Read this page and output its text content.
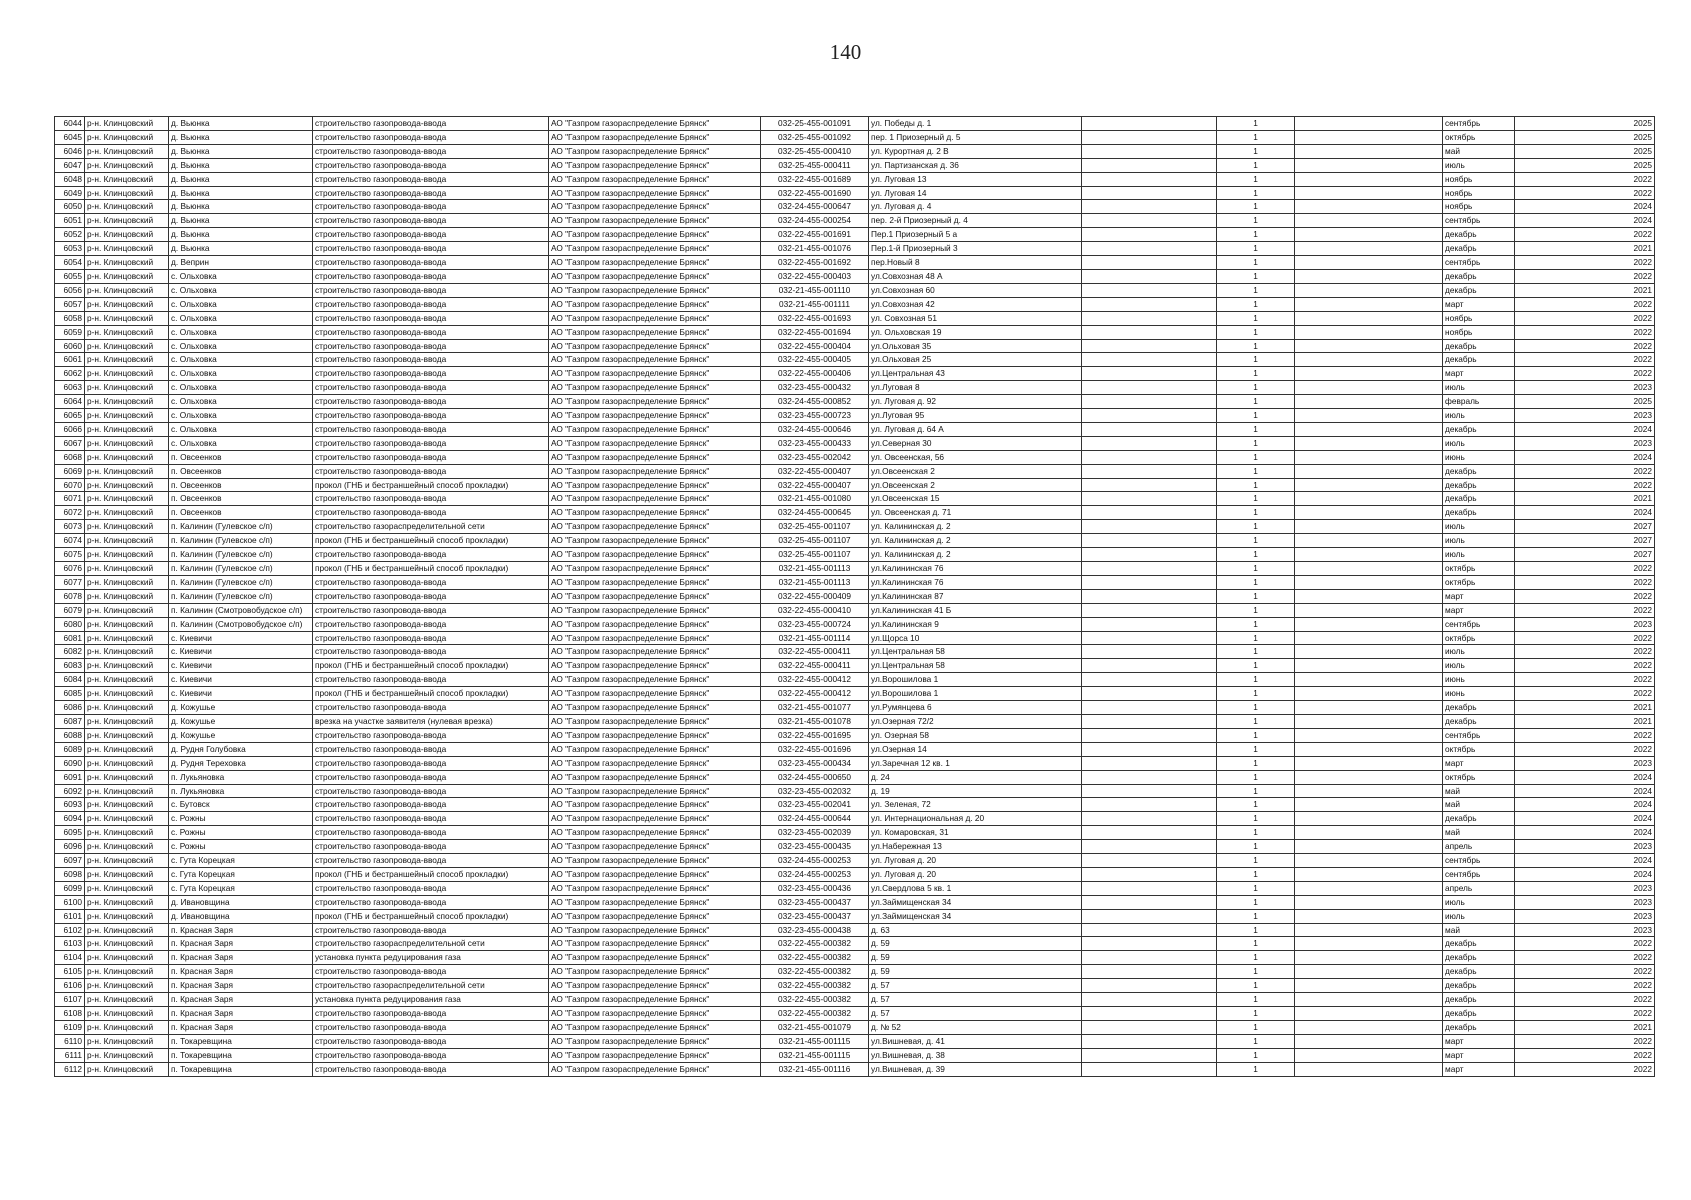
140
6044	р-н. Клинцовский	д. Вьюнка	строительство газопровода-ввода	АО "Газпром газораспределение Брянск"	032-25-455-001091	ул. Победы д. 1		1		сентябрь	2025
6045	р-н. Клинцовский	д. Вьюнка	строительство газопровода-ввода	АО "Газпром газораспределение Брянск"	032-25-455-001092	пер. 1 Приозерный д. 5		1		октябрь	2025
6046	р-н. Клинцовский	д. Вьюнка	строительство газопровода-ввода	АО "Газпром газораспределение Брянск"	032-25-455-000410	ул. Курортная д. 2 В		1		май	2025
6047	р-н. Клинцовский	д. Вьюнка	строительство газопровода-ввода	АО "Газпром газораспределение Брянск"	032-25-455-000411	ул. Партизанская д. 36		1		июль	2025
6048	р-н. Клинцовский	д. Вьюнка	строительство газопровода-ввода	АО "Газпром газораспределение Брянск"	032-22-455-001689	ул. Луговая 13		1		ноябрь	2022
6049	р-н. Клинцовский	д. Вьюнка	строительство газопровода-ввода	АО "Газпром газораспределение Брянск"	032-22-455-001690	ул. Луговая 14		1		ноябрь	2022
6050	р-н. Клинцовский	д. Вьюнка	строительство газопровода-ввода	АО "Газпром газораспределение Брянск"	032-24-455-000647	ул. Луговая д. 4		1		ноябрь	2024
6051	р-н. Клинцовский	д. Вьюнка	строительство газопровода-ввода	АО "Газпром газораспределение Брянск"	032-24-455-000254	пер. 2-й Приозерный д. 4		1		сентябрь	2024
6052	р-н. Клинцовский	д. Вьюнка	строительство газопровода-ввода	АО "Газпром газораспределение Брянск"	032-22-455-001691	Пер.1 Приозерный 5 а		1		декабрь	2022
6053	р-н. Клинцовский	д. Вьюнка	строительство газопровода-ввода	АО "Газпром газораспределение Брянск"	032-21-455-001076	Пер.1-й Приозерный 3		1		декабрь	2021
6054	р-н. Клинцовский	д. Веприн	строительство газопровода-ввода	АО "Газпром газораспределение Брянск"	032-22-455-001692	пер.Новый 8		1		сентябрь	2022
6055	р-н. Клинцовский	с. Ольховка	строительство газопровода-ввода	АО "Газпром газораспределение Брянск"	032-22-455-000403	ул.Совхозная 48 А		1		декабрь	2022
6056	р-н. Клинцовский	с. Ольховка	строительство газопровода-ввода	АО "Газпром газораспределение Брянск"	032-21-455-001110	ул.Совхозная 60		1		декабрь	2021
6057	р-н. Клинцовский	с. Ольховка	строительство газопровода-ввода	АО "Газпром газораспределение Брянск"	032-21-455-001111	ул.Совхозная 42		1		март	2022
6058	р-н. Клинцовский	с. Ольховка	строительство газопровода-ввода	АО "Газпром газораспределение Брянск"	032-22-455-001693	ул. Совхозная 51		1		ноябрь	2022
6059	р-н. Клинцовский	с. Ольховка	строительство газопровода-ввода	АО "Газпром газораспределение Брянск"	032-22-455-001694	ул. Ольховская 19		1		ноябрь	2022
6060	р-н. Клинцовский	с. Ольховка	строительство газопровода-ввода	АО "Газпром газораспределение Брянск"	032-22-455-000404	ул.Ольховая 35		1		декабрь	2022
6061	р-н. Клинцовский	с. Ольховка	строительство газопровода-ввода	АО "Газпром газораспределение Брянск"	032-22-455-000405	ул.Ольховая 25		1		декабрь	2022
6062	р-н. Клинцовский	с. Ольховка	строительство газопровода-ввода	АО "Газпром газораспределение Брянск"	032-22-455-000406	ул.Центральная 43		1		март	2022
6063	р-н. Клинцовский	с. Ольховка	строительство газопровода-ввода	АО "Газпром газораспределение Брянск"	032-23-455-000432	ул.Луговая 8		1		июль	2023
6064	р-н. Клинцовский	с. Ольховка	строительство газопровода-ввода	АО "Газпром газораспределение Брянск"	032-24-455-000852	ул. Луговая д. 92		1		февраль	2025
6065	р-н. Клинцовский	с. Ольховка	строительство газопровода-ввода	АО "Газпром газораспределение Брянск"	032-23-455-000723	ул.Луговая 95		1		июль	2023
6066	р-н. Клинцовский	с. Ольховка	строительство газопровода-ввода	АО "Газпром газораспределение Брянск"	032-24-455-000646	ул. Луговая д. 64 А		1		декабрь	2024
6067	р-н. Клинцовский	с. Ольховка	строительство газопровода-ввода	АО "Газпром газораспределение Брянск"	032-23-455-000433	ул.Северная 30		1		июль	2023
6068	р-н. Клинцовский	п. Овсеенков	строительство газопровода-ввода	АО "Газпром газораспределение Брянск"	032-23-455-002042	ул. Овсеенская, 56		1		июнь	2024
6069	р-н. Клинцовский	п. Овсеенков	строительство газопровода-ввода	АО "Газпром газораспределение Брянск"	032-22-455-000407	ул.Овсеенская 2		1		декабрь	2022
6070	р-н. Клинцовский	п. Овсеенков	прокол (ГНБ и бестраншейный способ прокладки)	АО "Газпром газораспределение Брянск"	032-22-455-000407	ул.Овсеенская 2		1		декабрь	2022
6071	р-н. Клинцовский	п. Овсеенков	строительство газопровода-ввода	АО "Газпром газораспределение Брянск"	032-21-455-001080	ул.Овсеенская 15		1		декабрь	2021
6072	р-н. Клинцовский	п. Овсеенков	строительство газопровода-ввода	АО "Газпром газораспределение Брянск"	032-24-455-000645	ул. Овсеенская д. 71		1		декабрь	2024
6073	р-н. Клинцовский	п. Калинин (Гулевское с/п)	строительство газораспределительной сети	АО "Газпром газораспределение Брянск"	032-25-455-001107	ул. Калининская д. 2		1		июль	2027
6074	р-н. Клинцовский	п. Калинин (Гулевское с/п)	прокол (ГНБ и бестраншейный способ прокладки)	АО "Газпром газораспределение Брянск"	032-25-455-001107	ул. Калининская д. 2		1		июль	2027
6075	р-н. Клинцовский	п. Калинин (Гулевское с/п)	строительство газопровода-ввода	АО "Газпром газораспределение Брянск"	032-25-455-001107	ул. Калининская д. 2		1		июль	2027
6076	р-н. Клинцовский	п. Калинин (Гулевское с/п)	прокол (ГНБ и бестраншейный способ прокладки)	АО "Газпром газораспределение Брянск"	032-21-455-001113	ул.Калининская 76		1		октябрь	2022
6077	р-н. Клинцовский	п. Калинин (Гулевское с/п)	строительство газопровода-ввода	АО "Газпром газораспределение Брянск"	032-21-455-001113	ул.Калининская 76		1		октябрь	2022
6078	р-н. Клинцовский	п. Калинин (Гулевское с/п)	строительство газопровода-ввода	АО "Газпром газораспределение Брянск"	032-22-455-000409	ул.Калининская 87		1		март	2022
6079	р-н. Клинцовский	п. Калинин (Смотровобудское с/п)	строительство газопровода-ввода	АО "Газпром газораспределение Брянск"	032-22-455-000410	ул.Калининская 41 Б		1		март	2022
6080	р-н. Клинцовский	п. Калинин (Смотровобудское с/п)	строительство газопровода-ввода	АО "Газпром газораспределение Брянск"	032-23-455-000724	ул.Калининская 9		1		сентябрь	2023
6081	р-н. Клинцовский	с. Киевичи	строительство газопровода-ввода	АО "Газпром газораспределение Брянск"	032-21-455-001114	ул.Щорса 10		1		октябрь	2022
6082	р-н. Клинцовский	с. Киевичи	строительство газопровода-ввода	АО "Газпром газораспределение Брянск"	032-22-455-000411	ул.Центральная 58		1		июль	2022
6083	р-н. Клинцовский	с. Киевичи	прокол (ГНБ и бестраншейный способ прокладки)	АО "Газпром газораспределение Брянск"	032-22-455-000411	ул.Центральная 58		1		июль	2022
6084	р-н. Клинцовский	с. Киевичи	строительство газопровода-ввода	АО "Газпром газораспределение Брянск"	032-22-455-000412	ул.Ворошилова 1		1		июнь	2022
6085	р-н. Клинцовский	с. Киевичи	прокол (ГНБ и бестраншейный способ прокладки)	АО "Газпром газораспределение Брянск"	032-22-455-000412	ул.Ворошилова 1		1		июнь	2022
6086	р-н. Клинцовский	д. Кожушье	строительство газопровода-ввода	АО "Газпром газораспределение Брянск"	032-21-455-001077	ул.Румянцева 6		1		декабрь	2021
6087	р-н. Клинцовский	д. Кожушье	врезка на участке заявителя (нулевая врезка)	АО "Газпром газораспределение Брянск"	032-21-455-001078	ул.Озерная 72/2		1		декабрь	2021
6088	р-н. Клинцовский	д. Кожушье	строительство газопровода-ввода	АО "Газпром газораспределение Брянск"	032-22-455-001695	ул. Озерная 58		1		сентябрь	2022
6089	р-н. Клинцовский	д. Рудня Голубовка	строительство газопровода-ввода	АО "Газпром газораспределение Брянск"	032-22-455-001696	ул.Озерная 14		1		октябрь	2022
6090	р-н. Клинцовский	д. Рудня Тереховка	строительство газопровода-ввода	АО "Газпром газораспределение Брянск"	032-23-455-000434	ул.Заречная 12 кв. 1		1		март	2023
6091	р-н. Клинцовский	п. Лукьяновка	строительство газопровода-ввода	АО "Газпром газораспределение Брянск"	032-24-455-000650	д. 24		1		октябрь	2024
6092	р-н. Клинцовский	п. Лукьяновка	строительство газопровода-ввода	АО "Газпром газораспределение Брянск"	032-23-455-002032	д. 19		1		май	2024
6093	р-н. Клинцовский	с. Бутовск	строительство газопровода-ввода	АО "Газпром газораспределение Брянск"	032-23-455-002041	ул. Зеленая, 72		1		май	2024
6094	р-н. Клинцовский	с. Рожны	строительство газопровода-ввода	АО "Газпром газораспределение Брянск"	032-24-455-000644	ул. Интернациональная д. 20		1		декабрь	2024
6095	р-н. Клинцовский	с. Рожны	строительство газопровода-ввода	АО "Газпром газораспределение Брянск"	032-23-455-002039	ул. Комаровская, 31		1		май	2024
6096	р-н. Клинцовский	с. Рожны	строительство газопровода-ввода	АО "Газпром газораспределение Брянск"	032-23-455-000435	ул.Набережная 13		1		апрель	2023
6097	р-н. Клинцовский	с. Гута Корецкая	строительство газопровода-ввода	АО "Газпром газораспределение Брянск"	032-24-455-000253	ул. Луговая д. 20		1		сентябрь	2024
6098	р-н. Клинцовский	с. Гута Корецкая	прокол (ГНБ и бестраншейный способ прокладки)	АО "Газпром газораспределение Брянск"	032-24-455-000253	ул. Луговая д. 20		1		сентябрь	2024
6099	р-н. Клинцовский	с. Гута Корецкая	строительство газопровода-ввода	АО "Газпром газораспределение Брянск"	032-23-455-000436	ул.Свердлова 5 кв. 1		1		апрель	2023
6100	р-н. Клинцовский	д. Ивановщина	строительство газопровода-ввода	АО "Газпром газораспределение Брянск"	032-23-455-000437	ул.Займищенская 34		1		июль	2023
6101	р-н. Клинцовский	д. Ивановщина	прокол (ГНБ и бестраншейный способ прокладки)	АО "Газпром газораспределение Брянск"	032-23-455-000437	ул.Займищенская 34		1		июль	2023
6102	р-н. Клинцовский	п. Красная Заря	строительство газопровода-ввода	АО "Газпром газораспределение Брянск"	032-23-455-000438	д. 63		1		май	2023
6103	р-н. Клинцовский	п. Красная Заря	строительство газораспределительной сети	АО "Газпром газораспределение Брянск"	032-22-455-000382	д. 59		1		декабрь	2022
6104	р-н. Клинцовский	п. Красная Заря	установка пункта редуцирования газа	АО "Газпром газораспределение Брянск"	032-22-455-000382	д. 59		1		декабрь	2022
6105	р-н. Клинцовский	п. Красная Заря	строительство газопровода-ввода	АО "Газпром газораспределение Брянск"	032-22-455-000382	д. 59		1		декабрь	2022
6106	р-н. Клинцовский	п. Красная Заря	строительство газораспределительной сети	АО "Газпром газораспределение Брянск"	032-22-455-000382	д. 57		1		декабрь	2022
6107	р-н. Клинцовский	п. Красная Заря	установка пункта редуцирования газа	АО "Газпром газораспределение Брянск"	032-22-455-000382	д. 57		1		декабрь	2022
6108	р-н. Клинцовский	п. Красная Заря	строительство газопровода-ввода	АО "Газпром газораспределение Брянск"	032-22-455-000382	д. 57		1		декабрь	2022
6109	р-н. Клинцовский	п. Красная Заря	строительство газопровода-ввода	АО "Газпром газораспределение Брянск"	032-21-455-001079	д. № 52		1		декабрь	2021
6110	р-н. Клинцовский	п. Токаревщина	строительство газопровода-ввода	АО "Газпром газораспределение Брянск"	032-21-455-001115	ул.Вишневая, д. 41		1		март	2022
6111	р-н. Клинцовский	п. Токаревщина	строительство газопровода-ввода	АО "Газпром газораспределение Брянск"	032-21-455-001115	ул.Вишневая, д. 38		1		март	2022
6112	р-н. Клинцовский	п. Токаревщина	строительство газопровода-ввода	АО "Газпром газораспределение Брянск"	032-21-455-001116	ул.Вишневая, д. 39		1		март	2022
